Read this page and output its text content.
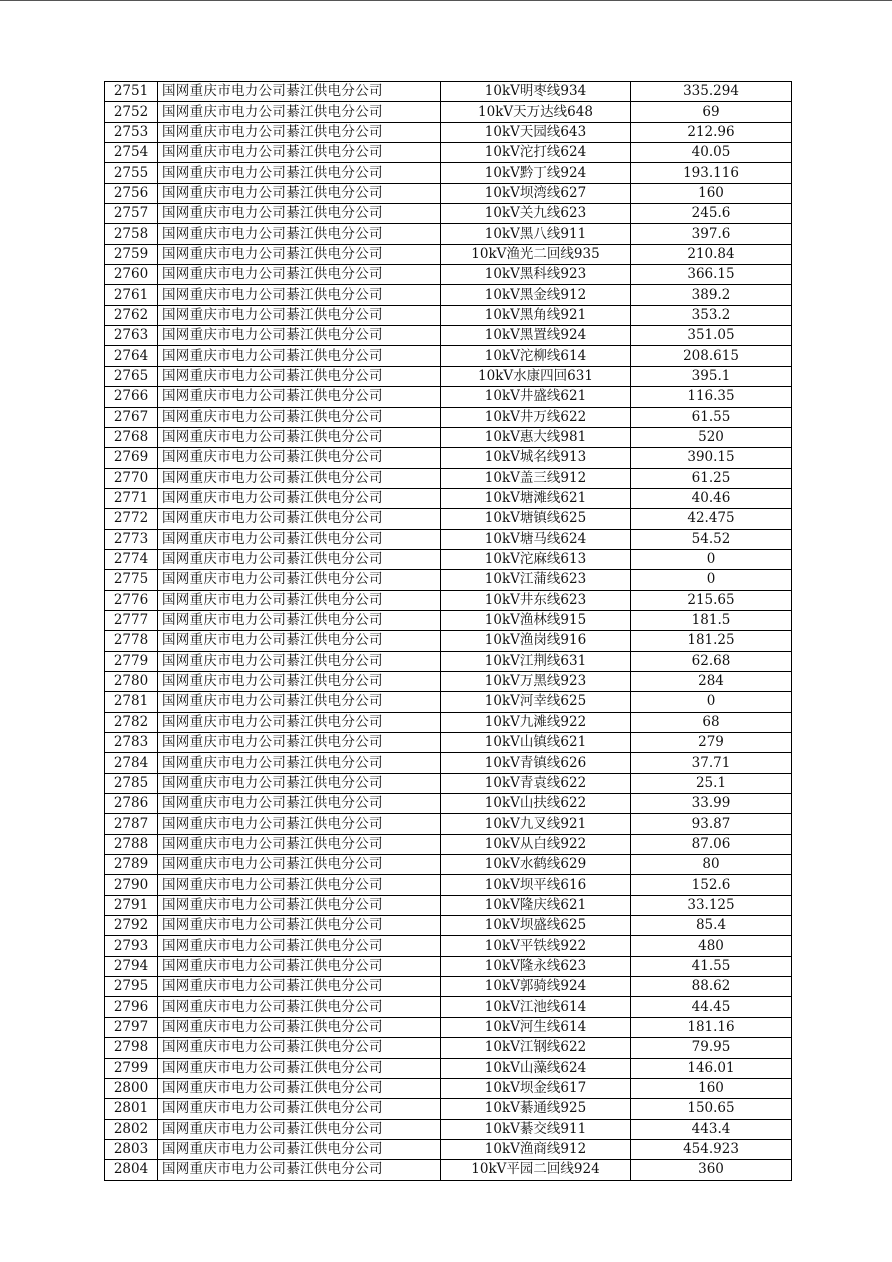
2751	国网重庆市电力公司綦江供电分公司	10kV明枣线934	335.294
2752	国网重庆市电力公司綦江供电分公司	10kV天万达线648	69
2753	国网重庆市电力公司綦江供电分公司	10kV天园线643	212.96
2754	国网重庆市电力公司綦江供电分公司	10kV沱打线624	40.05
2755	国网重庆市电力公司綦江供电分公司	10kV黔丁线924	193.116
2756	国网重庆市电力公司綦江供电分公司	10kV坝湾线627	160
2757	国网重庆市电力公司綦江供电分公司	10kV关九线623	245.6
2758	国网重庆市电力公司綦江供电分公司	10kV黑八线911	397.6
2759	国网重庆市电力公司綦江供电分公司	10kV渔光二回线935	210.84
2760	国网重庆市电力公司綦江供电分公司	10kV黑科线923	366.15
2761	国网重庆市电力公司綦江供电分公司	10kV黑金线912	389.2
2762	国网重庆市电力公司綦江供电分公司	10kV黑角线921	353.2
2763	国网重庆市电力公司綦江供电分公司	10kV黑置线924	351.05
2764	国网重庆市电力公司綦江供电分公司	10kV沱柳线614	208.615
2765	国网重庆市电力公司綦江供电分公司	10kV水康四回631	395.1
2766	国网重庆市电力公司綦江供电分公司	10kV井盛线621	116.35
2767	国网重庆市电力公司綦江供电分公司	10kV井万线622	61.55
2768	国网重庆市电力公司綦江供电分公司	10kV惠大线981	520
2769	国网重庆市电力公司綦江供电分公司	10kV城名线913	390.15
2770	国网重庆市电力公司綦江供电分公司	10kV盖三线912	61.25
2771	国网重庆市电力公司綦江供电分公司	10kV塘滩线621	40.46
2772	国网重庆市电力公司綦江供电分公司	10kV塘镇线625	42.475
2773	国网重庆市电力公司綦江供电分公司	10kV塘马线624	54.52
2774	国网重庆市电力公司綦江供电分公司	10kV沱麻线613	0
2775	国网重庆市电力公司綦江供电分公司	10kV江蒲线623	0
2776	国网重庆市电力公司綦江供电分公司	10kV井东线623	215.65
2777	国网重庆市电力公司綦江供电分公司	10kV渔林线915	181.5
2778	国网重庆市电力公司綦江供电分公司	10kV渔岗线916	181.25
2779	国网重庆市电力公司綦江供电分公司	10kV江荆线631	62.68
2780	国网重庆市电力公司綦江供电分公司	10kV万黑线923	284
2781	国网重庆市电力公司綦江供电分公司	10kV河幸线625	0
2782	国网重庆市电力公司綦江供电分公司	10kV九滩线922	68
2783	国网重庆市电力公司綦江供电分公司	10kV山镇线621	279
2784	国网重庆市电力公司綦江供电分公司	10kV青镇线626	37.71
2785	国网重庆市电力公司綦江供电分公司	10kV青袁线622	25.1
2786	国网重庆市电力公司綦江供电分公司	10kV山扶线622	33.99
2787	国网重庆市电力公司綦江供电分公司	10kV九叉线921	93.87
2788	国网重庆市电力公司綦江供电分公司	10kV从白线922	87.06
2789	国网重庆市电力公司綦江供电分公司	10kV水鹤线629	80
2790	国网重庆市电力公司綦江供电分公司	10kV坝平线616	152.6
2791	国网重庆市电力公司綦江供电分公司	10kV隆庆线621	33.125
2792	国网重庆市电力公司綦江供电分公司	10kV坝盛线625	85.4
2793	国网重庆市电力公司綦江供电分公司	10kV平铁线922	480
2794	国网重庆市电力公司綦江供电分公司	10kV隆永线623	41.55
2795	国网重庆市电力公司綦江供电分公司	10kV郭骑线924	88.62
2796	国网重庆市电力公司綦江供电分公司	10kV江池线614	44.45
2797	国网重庆市电力公司綦江供电分公司	10kV河生线614	181.16
2798	国网重庆市电力公司綦江供电分公司	10kV江钢线622	79.95
2799	国网重庆市电力公司綦江供电分公司	10kV山藻线624	146.01
2800	国网重庆市电力公司綦江供电分公司	10kV坝金线617	160
2801	国网重庆市电力公司綦江供电分公司	10kV綦通线925	150.65
2802	国网重庆市电力公司綦江供电分公司	10kV綦交线911	443.4
2803	国网重庆市电力公司綦江供电分公司	10kV渔商线912	454.923
2804	国网重庆市电力公司綦江供电分公司	10kV平园二回线924	360
